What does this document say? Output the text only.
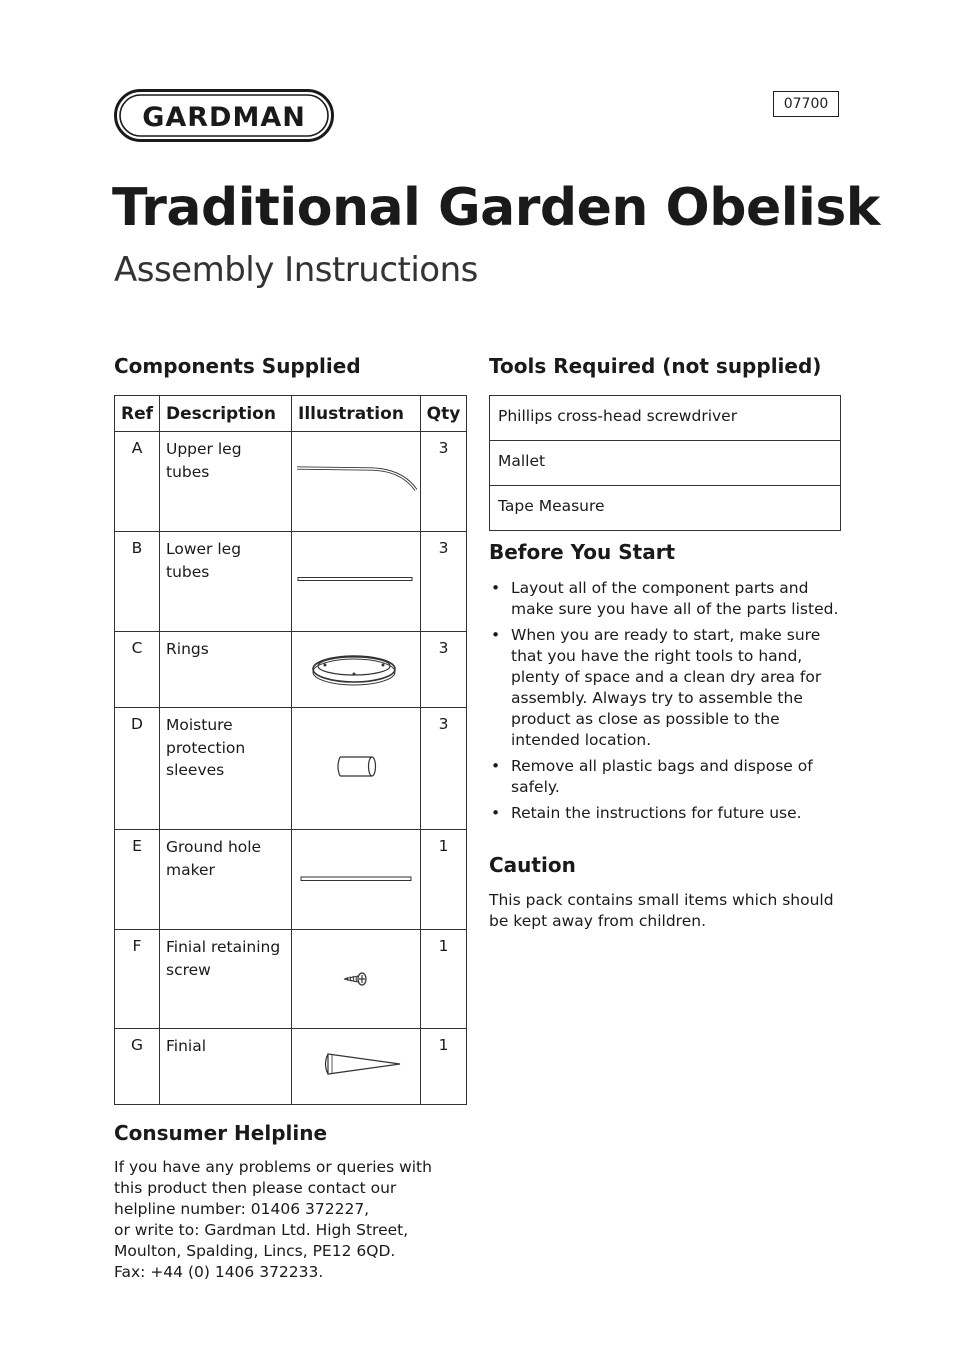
GARDMAN	07700
Traditional Garden Obelisk
Assembly Instructions
Components Supplied
Ref	Description	Illustration	Qty
A	Upper leg tubes		3
B	Lower leg tubes		3
C	Rings		3
D	Moisture protection sleeves		3
E	Ground hole maker		1
F	Finial retaining screw		1
G	Finial		1
Tools Required (not supplied)
Phillips cross-head screwdriver
Mallet
Tape Measure
Before You Start
• Layout all of the component parts and make sure you have all of the parts listed.
• When you are ready to start, make sure that you have the right tools to hand, plenty of space and a clean dry area for assembly. Always try to assemble the product as close as possible to the intended location.
• Remove all plastic bags and dispose of safely.
• Retain the instructions for future use.
Caution

This pack contains small items which should be kept away from children.

Consumer Helpline
If you have any problems or queries with
this product then please contact our
helpline number: 01406 372227,
or write to: Gardman Ltd. High Street,
Moulton, Spalding, Lincs, PE12 6QD.
Fax: +44 (0) 1406 372233.
